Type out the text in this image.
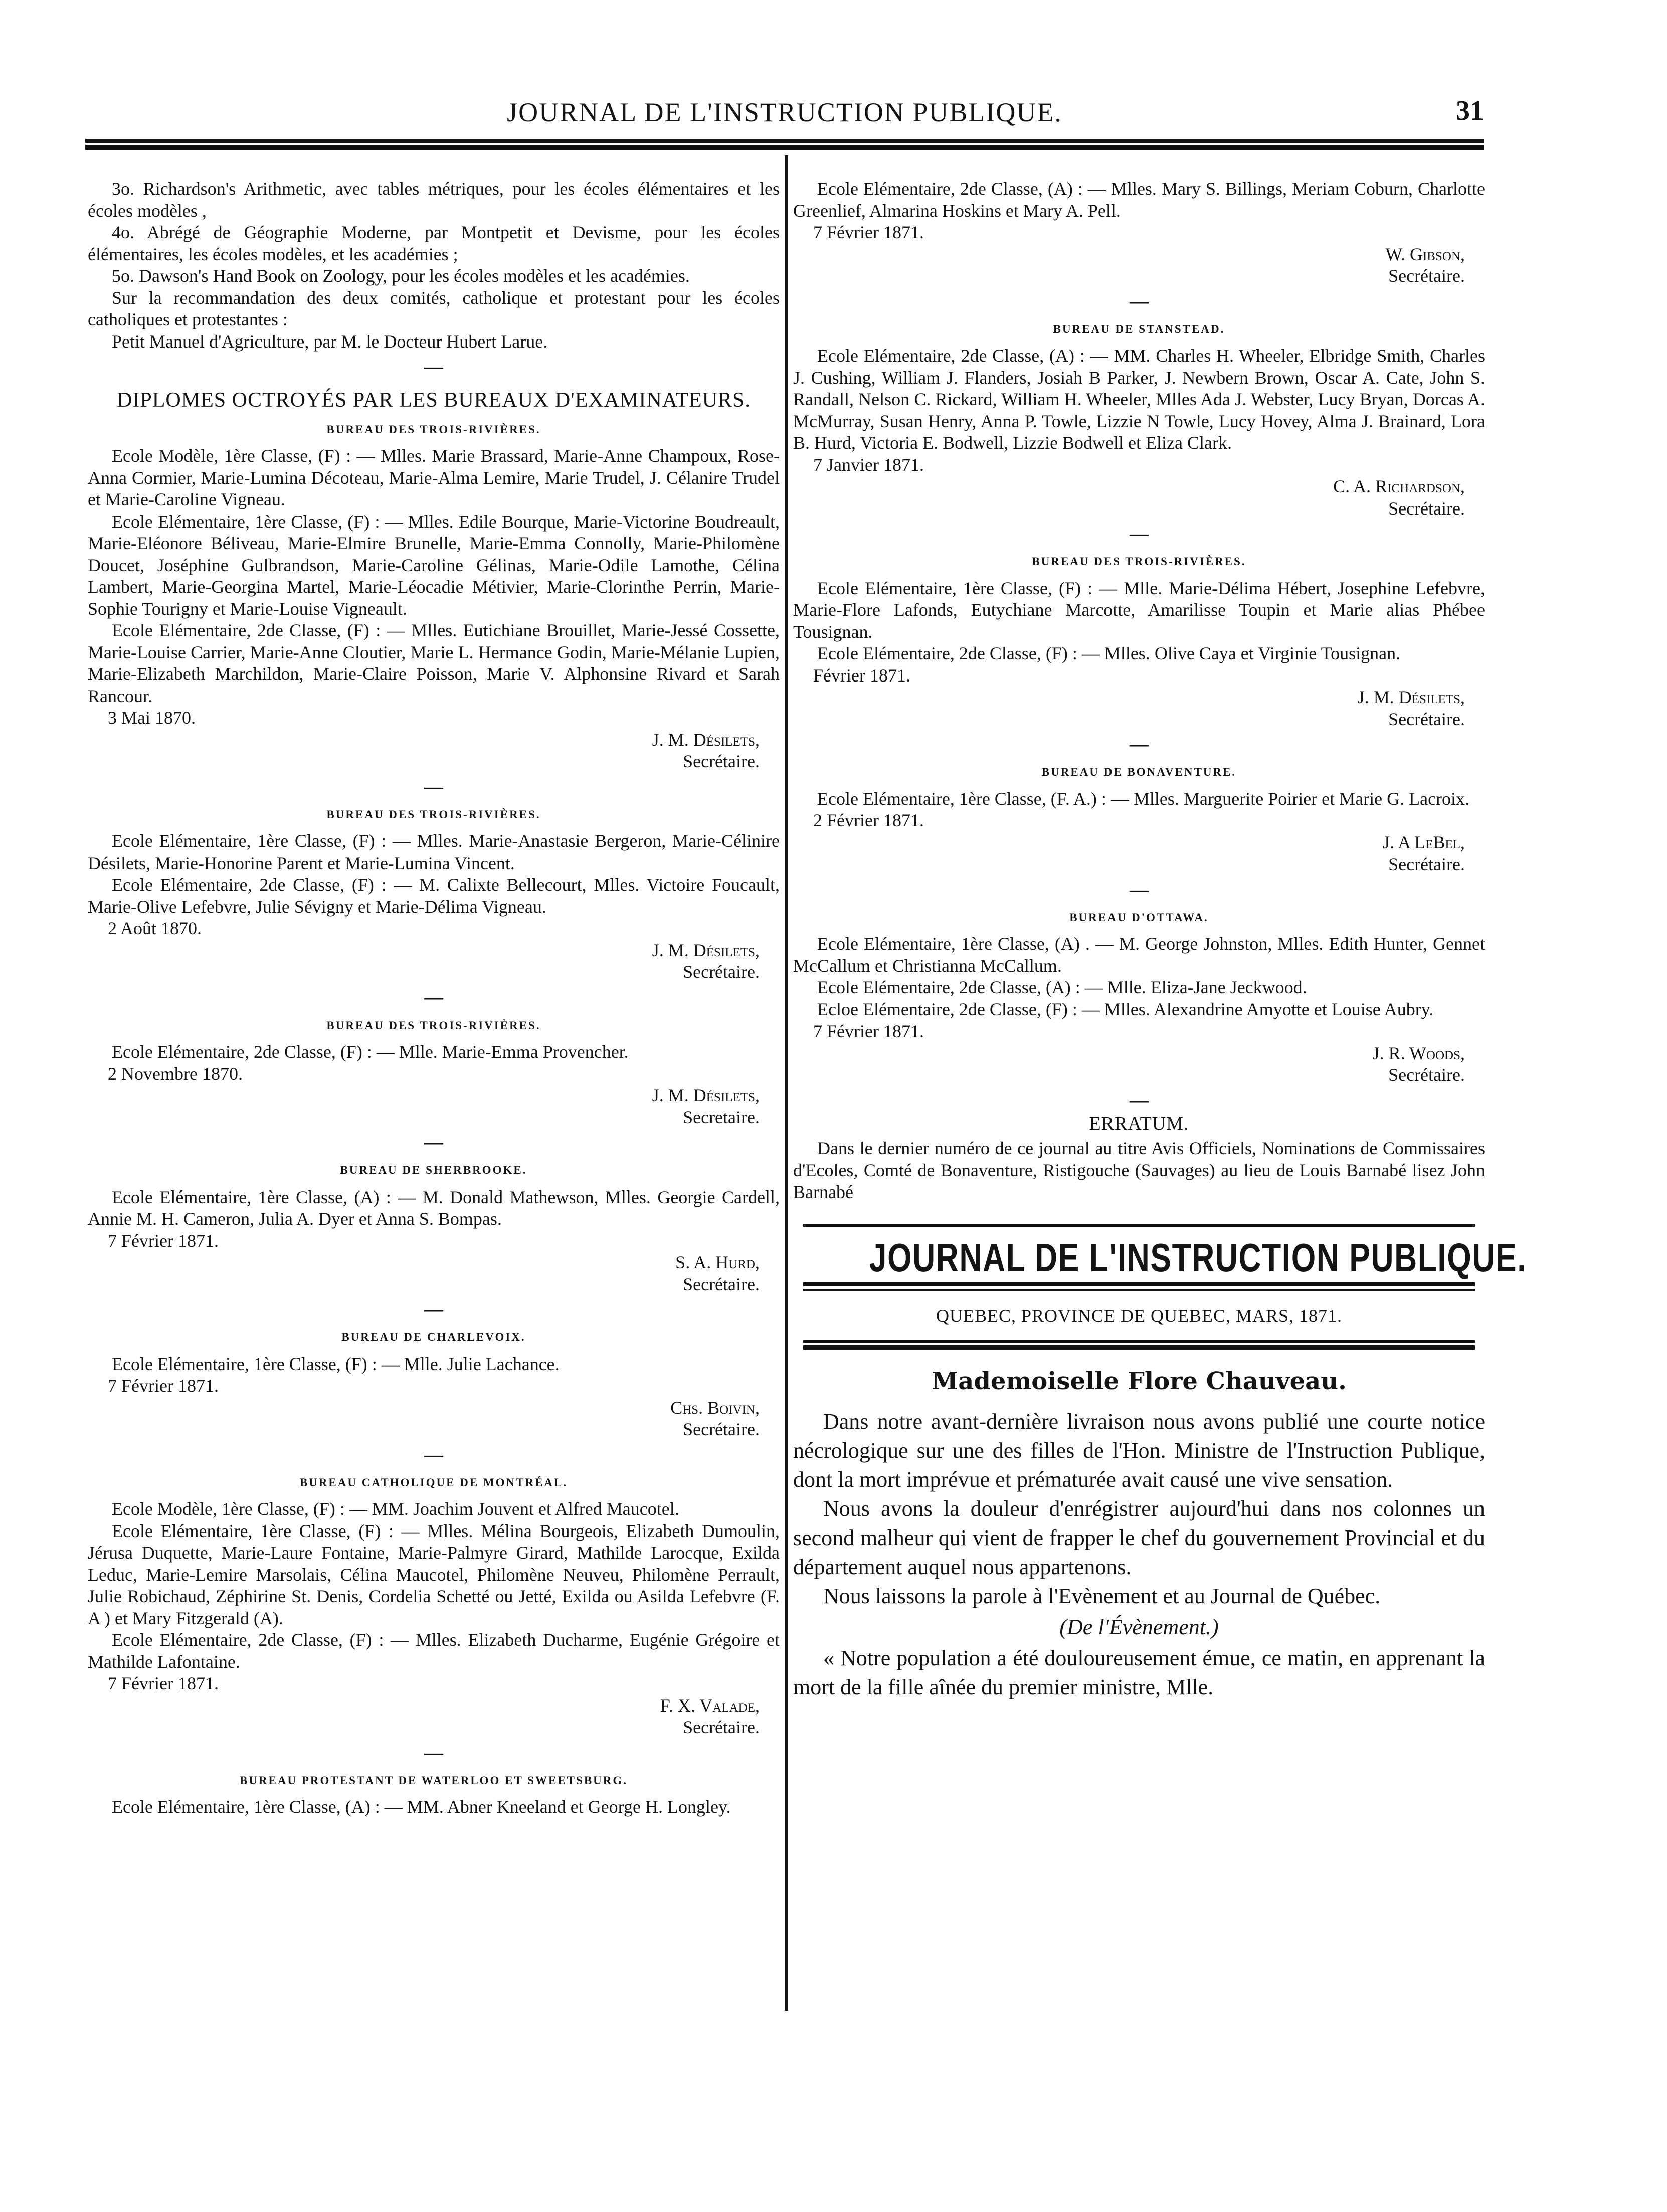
JOURNAL DE L'INSTRUCTION PUBLIQUE.	31

3o. Richardson's Arithmetic, avec tables métriques, pour les écoles élémentaires et les écoles modèles ,

4o. Abrégé de Géographie Moderne, par Montpetit et Devisme, pour les écoles élémentaires, les écoles modèles, et les académies ;

5o. Dawson's Hand Book on Zoology, pour les écoles modèles et les académies.

Sur la recommandation des deux comités, catholique et protestant pour les écoles catholiques et protestantes :

Petit Manuel d'Agriculture, par M. le Docteur Hubert Larue.

—
DIPLOMES OCTROYÉS PAR LES BUREAUX D'EXAMINATEURS.
BUREAU DES TROIS-RIVIÈRES.

Ecole Modèle, 1ère Classe, (F) : — Mlles. Marie Brassard, Marie-Anne Champoux, Rose-Anna Cormier, Marie-Lumina Décoteau, Marie-Alma Lemire, Marie Trudel, J. Célanire Trudel et Marie-Caroline Vigneau.

Ecole Elémentaire, 1ère Classe, (F) : — Mlles. Edile Bourque, Marie-Victorine Boudreault, Marie-Eléonore Béliveau, Marie-Elmire Brunelle, Marie-Emma Connolly, Marie-Philomène Doucet, Joséphine Gulbrandson, Marie-Caroline Gélinas, Marie-Odile Lamothe, Célina Lambert, Marie-Georgina Martel, Marie-Léocadie Métivier, Marie-Clorinthe Perrin, Marie-Sophie Tourigny et Marie-Louise Vigneault.

Ecole Elémentaire, 2de Classe, (F) : — Mlles. Eutichiane Brouillet, Marie-Jessé Cossette, Marie-Louise Carrier, Marie-Anne Cloutier, Marie L. Hermance Godin, Marie-Mélanie Lupien, Marie-Elizabeth Marchildon, Marie-Claire Poisson, Marie V. Alphonsine Rivard et Sarah Rancour.

3 Mai 1870.

J. M. Désilets,

Secrétaire.

—
BUREAU DES TROIS-RIVIÈRES.

Ecole Elémentaire, 1ère Classe, (F) : — Mlles. Marie-Anastasie Bergeron, Marie-Célinire Désilets, Marie-Honorine Parent et Marie-Lumina Vincent.

Ecole Elémentaire, 2de Classe, (F) : — M. Calixte Bellecourt, Mlles. Victoire Foucault, Marie-Olive Lefebvre, Julie Sévigny et Marie-Délima Vigneau.

2 Août 1870.

J. M. Désilets,

Secrétaire.

—
BUREAU DES TROIS-RIVIÈRES.

Ecole Elémentaire, 2de Classe, (F) : — Mlle. Marie-Emma Provencher.

2 Novembre 1870.

J. M. Désilets,

Secretaire.

—
BUREAU DE SHERBROOKE.

Ecole Elémentaire, 1ère Classe, (A) : — M. Donald Mathewson, Mlles. Georgie Cardell, Annie M. H. Cameron, Julia A. Dyer et Anna S. Bompas.

7 Février 1871.

S. A. Hurd,

Secrétaire.

—
BUREAU DE CHARLEVOIX.

Ecole Elémentaire, 1ère Classe, (F) : — Mlle. Julie Lachance.

7 Février 1871.

Chs. Boivin,

Secrétaire.

—
BUREAU CATHOLIQUE DE MONTRÉAL.

Ecole Modèle, 1ère Classe, (F) : — MM. Joachim Jouvent et Alfred Maucotel.

Ecole Elémentaire, 1ère Classe, (F) : — Mlles. Mélina Bourgeois, Elizabeth Dumoulin, Jérusa Duquette, Marie-Laure Fontaine, Marie-Palmyre Girard, Mathilde Larocque, Exilda Leduc, Marie-Lemire Marsolais, Célina Maucotel, Philomène Neuveu, Philomène Perrault, Julie Robichaud, Zéphirine St. Denis, Cordelia Schetté ou Jetté, Exilda ou Asilda Lefebvre (F. A ) et Mary Fitzgerald (A).

Ecole Elémentaire, 2de Classe, (F) : — Mlles. Elizabeth Ducharme, Eugénie Grégoire et Mathilde Lafontaine.

7 Février 1871.

F. X. Valade,

Secrétaire.

—
BUREAU PROTESTANT DE WATERLOO ET SWEETSBURG.

Ecole Elémentaire, 1ère Classe, (A) : — MM. Abner Kneeland et George H. Longley.

Ecole Elémentaire, 2de Classe, (A) : — Mlles. Mary S. Billings, Meriam Coburn, Charlotte Greenlief, Almarina Hoskins et Mary A. Pell.

7 Février 1871.

W. Gibson,

Secrétaire.

—
BUREAU DE STANSTEAD.

Ecole Elémentaire, 2de Classe, (A) : — MM. Charles H. Wheeler, Elbridge Smith, Charles J. Cushing, William J. Flanders, Josiah B Parker, J. Newbern Brown, Oscar A. Cate, John S. Randall, Nelson C. Rickard, William H. Wheeler, Mlles Ada J. Webster, Lucy Bryan, Dorcas A. McMurray, Susan Henry, Anna P. Towle, Lizzie N Towle, Lucy Hovey, Alma J. Brainard, Lora B. Hurd, Victoria E. Bodwell, Lizzie Bodwell et Eliza Clark.

7 Janvier 1871.

C. A. Richardson,

Secrétaire.

—
BUREAU DES TROIS-RIVIÈRES.

Ecole Elémentaire, 1ère Classe, (F) : — Mlle. Marie-Délima Hébert, Josephine Lefebvre, Marie-Flore Lafonds, Eutychiane Marcotte, Amarilisse Toupin et Marie alias Phébee Tousignan.

Ecole Elémentaire, 2de Classe, (F) : — Mlles. Olive Caya et Virginie Tousignan.

Février 1871.

J. M. Désilets,

Secrétaire.

—
BUREAU DE BONAVENTURE.

Ecole Elémentaire, 1ère Classe, (F. A.) : — Mlles. Marguerite Poirier et Marie G. Lacroix.

2 Février 1871.

J. A LeBel,

Secrétaire.

—
BUREAU D'OTTAWA.

Ecole Elémentaire, 1ère Classe, (A) . — M. George Johnston, Mlles. Edith Hunter, Gennet McCallum et Christianna McCallum.

Ecole Elémentaire, 2de Classe, (A) : — Mlle. Eliza-Jane Jeckwood.

Ecloe Elémentaire, 2de Classe, (F) : — Mlles. Alexandrine Amyotte et Louise Aubry.

7 Février 1871.

J. R. Woods,

Secrétaire.

—
ERRATUM.

Dans le dernier numéro de ce journal au titre Avis Officiels, Nominations de Commissaires d'Ecoles, Comté de Bonaventure, Ristigouche (Sauvages) au lieu de Louis Barnabé lisez John Barnabé

JOURNAL DE L'INSTRUCTION PUBLIQUE.
QUEBEC, PROVINCE DE QUEBEC, MARS, 1871.
Mademoiselle Flore Chauveau.

Dans notre avant-dernière livraison nous avons publié une courte notice nécrologique sur une des filles de l'Hon. Ministre de l'Instruction Publique, dont la mort imprévue et prématurée avait causé une vive sensation.

Nous avons la douleur d'enrégistrer aujourd'hui dans nos colonnes un second malheur qui vient de frapper le chef du gouvernement Provincial et du département auquel nous appartenons.

Nous laissons la parole à l'Evènement et au Journal de Québec.

(De l'Évènement.)

« Notre population a été douloureusement émue, ce matin, en apprenant la mort de la fille aînée du premier ministre, Mlle.
